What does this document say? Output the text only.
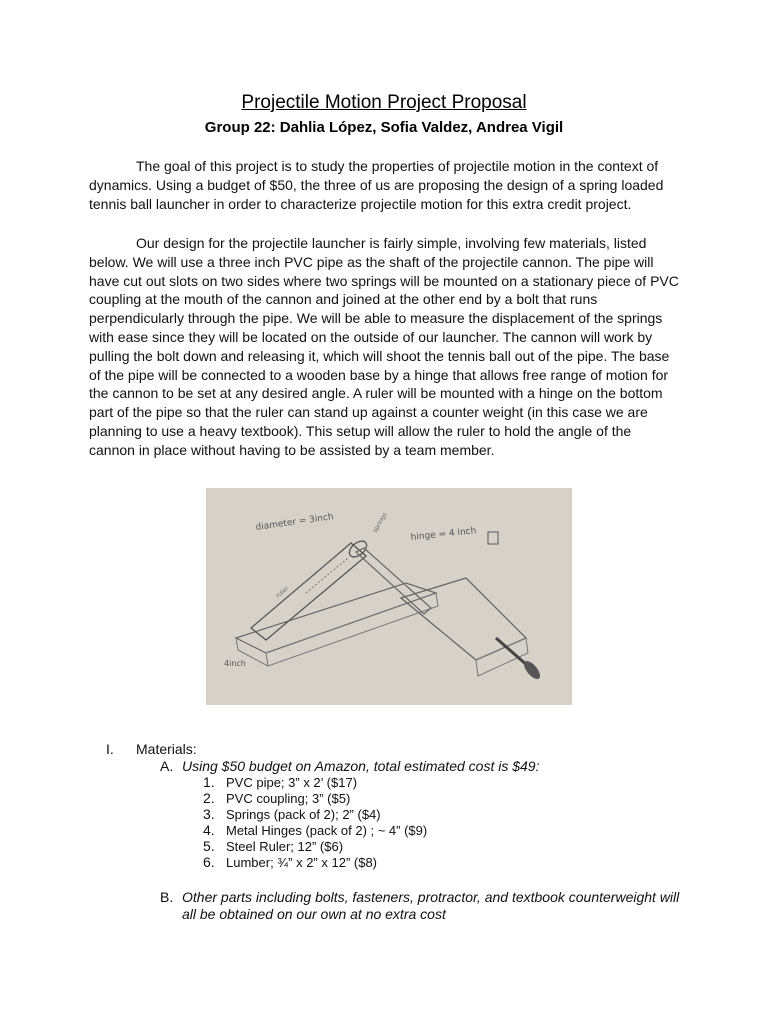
Projectile Motion Project Proposal
Group 22: Dahlia López, Sofia Valdez, Andrea Vigil

The goal of this project is to study the properties of projectile motion in the context of dynamics. Using a budget of $50, the three of us are proposing the design of a spring loaded tennis ball launcher in order to characterize projectile motion for this extra credit project.

Our design for the projectile launcher is fairly simple, involving few materials, listed below. We will use a three inch PVC pipe as the shaft of the projectile cannon. The pipe will have cut out slots on two sides where two springs will be mounted on a stationary piece of PVC coupling at the mouth of the cannon and joined at the other end by a bolt that runs perpendicularly through the pipe. We will be able to measure the displacement of the springs with ease since they will be located on the outside of our launcher. The cannon will work by pulling the bolt down and releasing it, which will shoot the tennis ball out of the pipe. The base of the pipe will be connected to a wooden base by a hinge that allows free range of motion for the cannon to be set at any desired angle. A ruler will be mounted with a hinge on the bottom part of the pipe so that the ruler can stand up against a counter weight (in this case we are planning to use a heavy textbook). This setup will allow the ruler to hold the angle of the cannon in place without having to be assisted by a team member.

diameter = 3inch
hinge = 4 inch
4inch
springs
ruler
I. Materials:
A. Using $50 budget on Amazon, total estimated cost is $49:
1. PVC pipe; 3” x 2’ ($17)
2. PVC coupling; 3” ($5)
3. Springs (pack of 2); 2” ($4)
4. Metal Hinges (pack of 2) ; ~ 4” ($9)
5. Steel Ruler; 12” ($6)
6. Lumber; ¾” x 2” x 12” ($8)
B. Other parts including bolts, fasteners, protractor, and textbook counterweight will
all be obtained on our own at no extra cost
